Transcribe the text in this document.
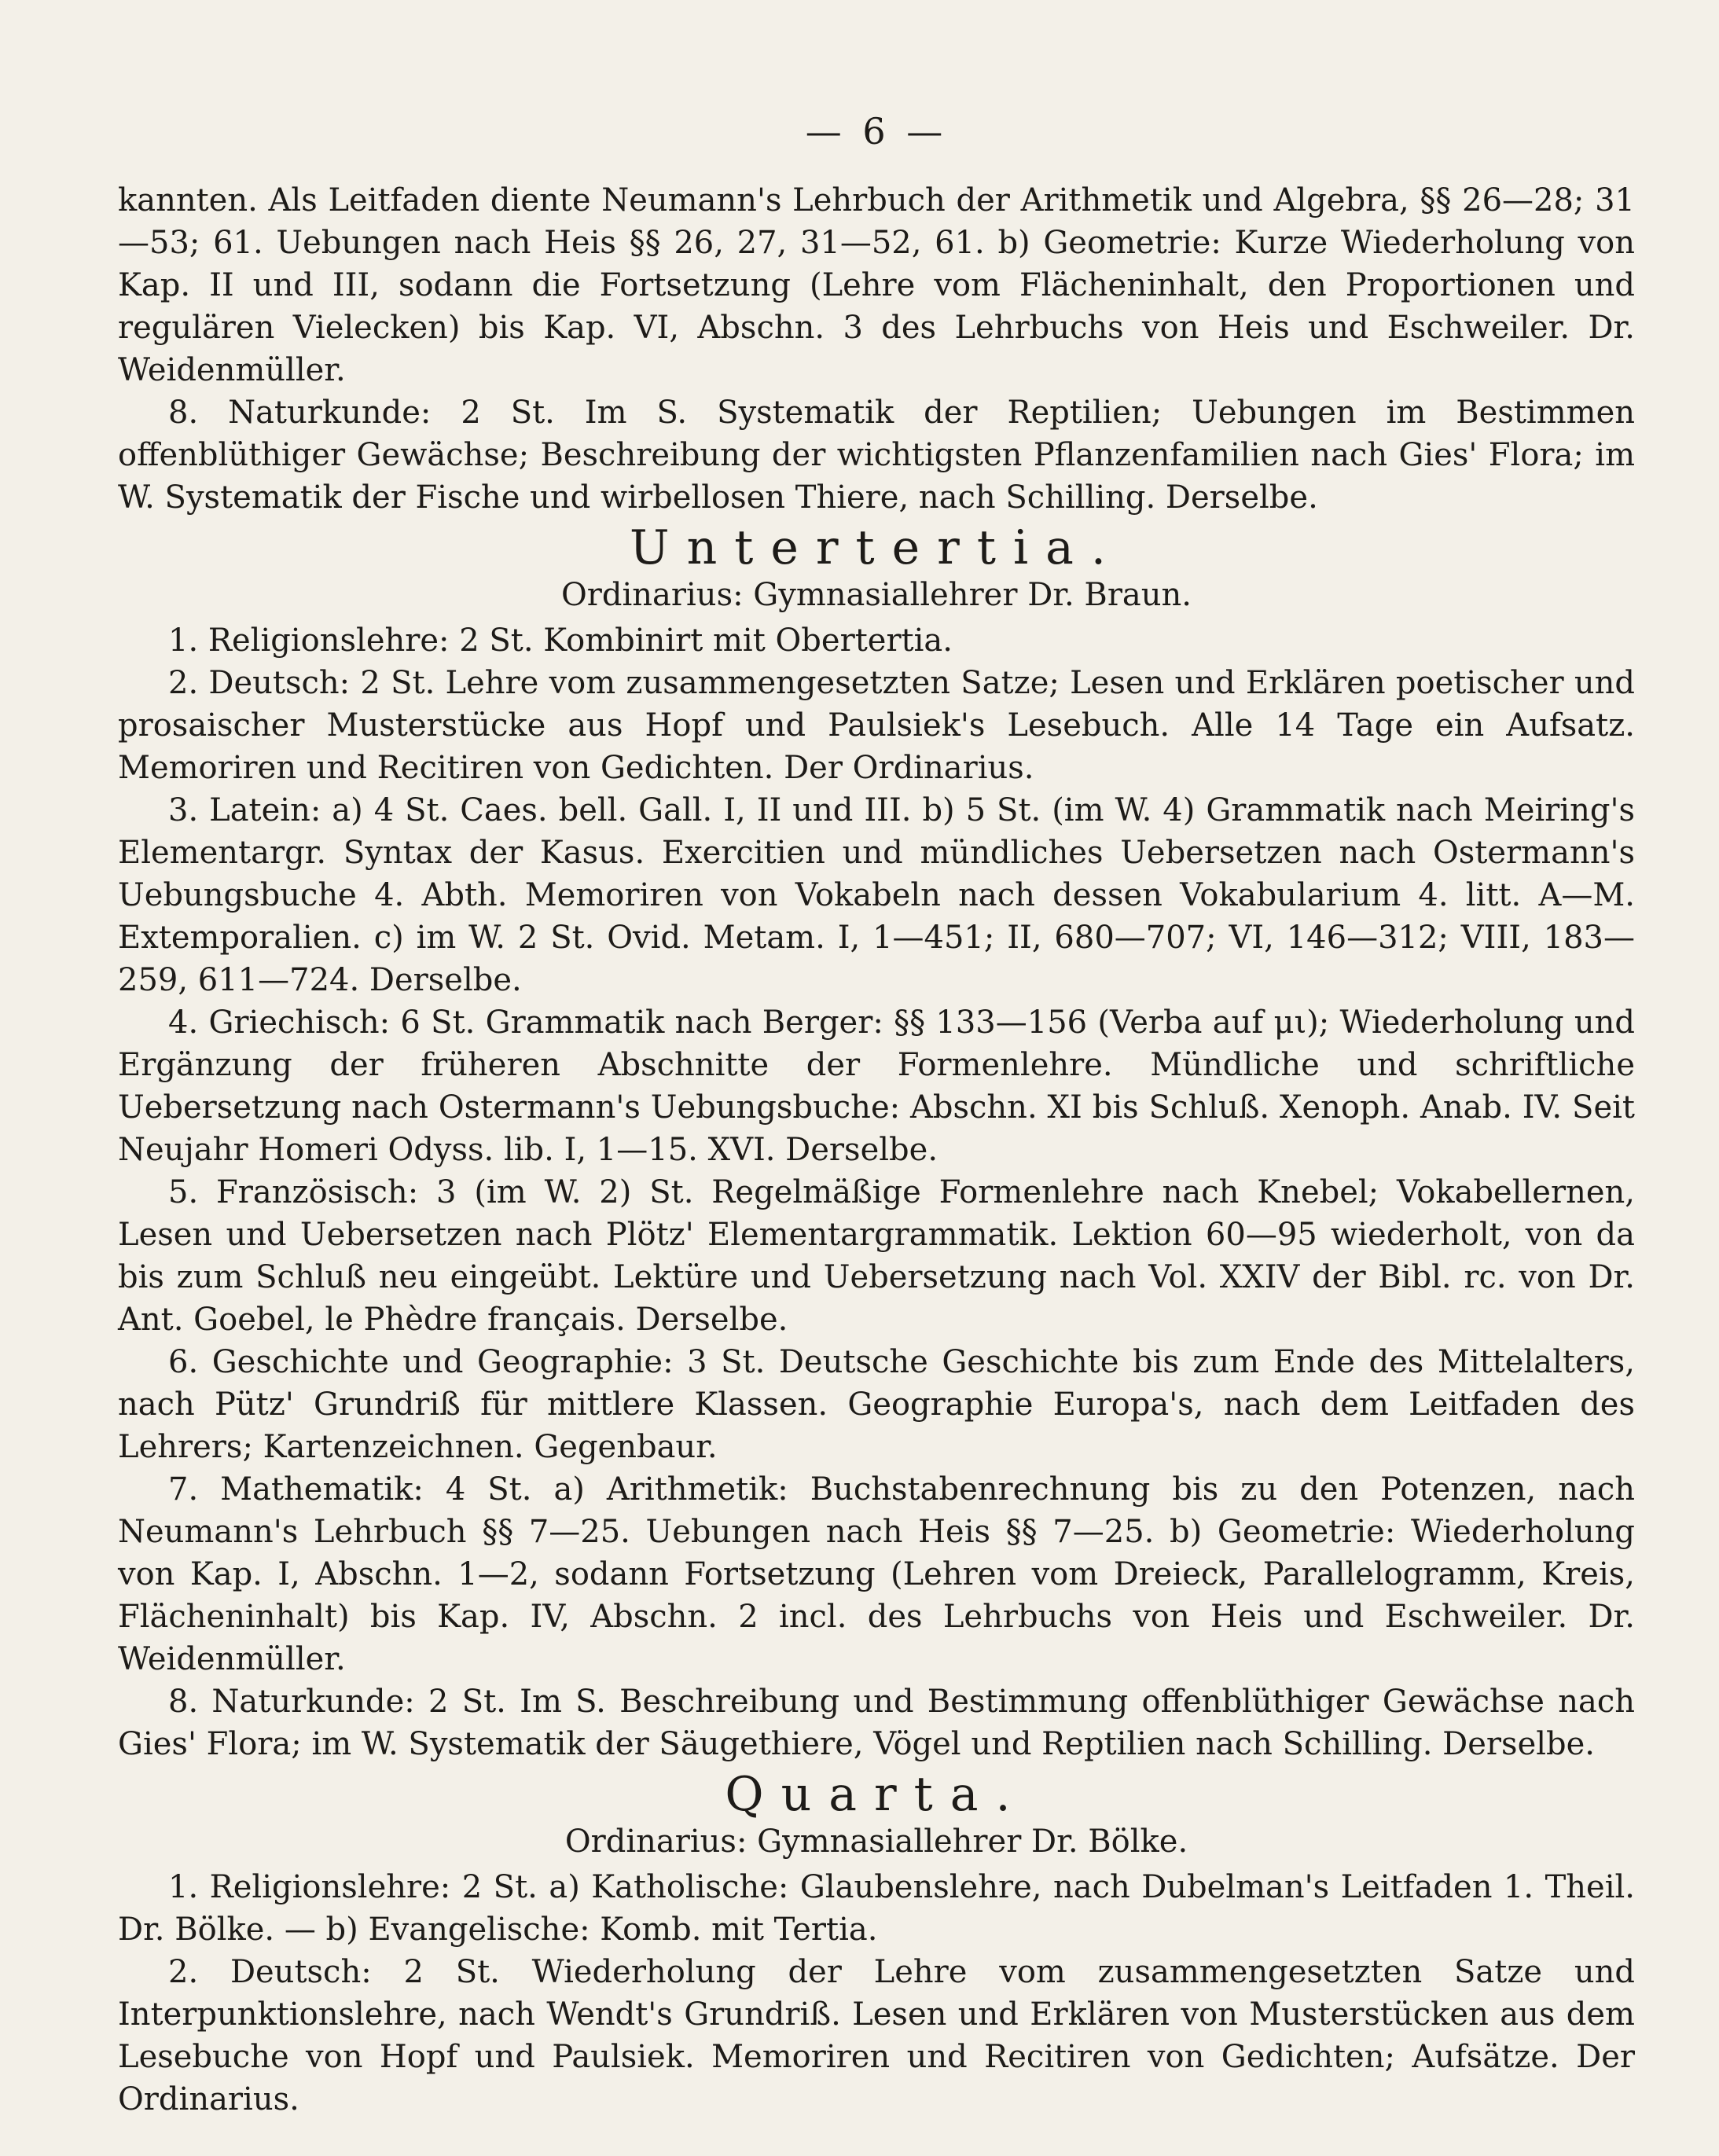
— 6 —

kannten. Als Leitfaden diente Neumann's Lehrbuch der Arithmetik und Algebra, §§ 26—28; 31—53; 61. Uebungen nach Heis §§ 26, 27, 31—52, 61. b) Geometrie: Kurze Wiederholung von Kap. II und III, sodann die Fortsetzung (Lehre vom Flächeninhalt, den Proportionen und regulären Vielecken) bis Kap. VI, Abschn. 3 des Lehrbuchs von Heis und Eschweiler. Dr. Weidenmüller.

8. Naturkunde: 2 St. Im S. Systematik der Reptilien; Uebungen im Bestimmen offenblüthiger Gewächse; Beschreibung der wichtigsten Pflanzenfamilien nach Gies' Flora; im W. Systematik der Fische und wirbellosen Thiere, nach Schilling. Derselbe.

Untertertia.
Ordinarius: Gymnasiallehrer Dr. Braun.

1. Religionslehre: 2 St. Kombinirt mit Obertertia.

2. Deutsch: 2 St. Lehre vom zusammengesetzten Satze; Lesen und Erklären poetischer und prosaischer Musterstücke aus Hopf und Paulsiek's Lesebuch. Alle 14 Tage ein Aufsatz. Memoriren und Recitiren von Gedichten. Der Ordinarius.

3. Latein: a) 4 St. Caes. bell. Gall. I, II und III. b) 5 St. (im W. 4) Grammatik nach Meiring's Elementargr. Syntax der Kasus. Exercitien und mündliches Uebersetzen nach Ostermann's Uebungsbuche 4. Abth. Memoriren von Vokabeln nach dessen Vokabularium 4. litt. A—M. Extemporalien. c) im W. 2 St. Ovid. Metam. I, 1—451; II, 680—707; VI, 146—312; VIII, 183—259, 611—724. Derselbe.

4. Griechisch: 6 St. Grammatik nach Berger: §§ 133—156 (Verba auf μι); Wiederholung und Ergänzung der früheren Abschnitte der Formenlehre. Mündliche und schriftliche Uebersetzung nach Ostermann's Uebungsbuche: Abschn. XI bis Schluß. Xenoph. Anab. IV. Seit Neujahr Homeri Odyss. lib. I, 1—15. XVI. Derselbe.

5. Französisch: 3 (im W. 2) St. Regelmäßige Formenlehre nach Knebel; Vokabellernen, Lesen und Uebersetzen nach Plötz' Elementargrammatik. Lektion 60—95 wiederholt, von da bis zum Schluß neu eingeübt. Lektüre und Uebersetzung nach Vol. XXIV der Bibl. rc. von Dr. Ant. Goebel, le Phèdre français. Derselbe.

6. Geschichte und Geographie: 3 St. Deutsche Geschichte bis zum Ende des Mittelalters, nach Pütz' Grundriß für mittlere Klassen. Geographie Europa's, nach dem Leitfaden des Lehrers; Kartenzeichnen. Gegenbaur.

7. Mathematik: 4 St. a) Arithmetik: Buchstabenrechnung bis zu den Potenzen, nach Neumann's Lehrbuch §§ 7—25. Uebungen nach Heis §§ 7—25. b) Geometrie: Wiederholung von Kap. I, Abschn. 1—2, sodann Fortsetzung (Lehren vom Dreieck, Parallelogramm, Kreis, Flächeninhalt) bis Kap. IV, Abschn. 2 incl. des Lehrbuchs von Heis und Eschweiler. Dr. Weidenmüller.

8. Naturkunde: 2 St. Im S. Beschreibung und Bestimmung offenblüthiger Gewächse nach Gies' Flora; im W. Systematik der Säugethiere, Vögel und Reptilien nach Schilling. Derselbe.

Quarta.
Ordinarius: Gymnasiallehrer Dr. Bölke.

1. Religionslehre: 2 St. a) Katholische: Glaubenslehre, nach Dubelman's Leitfaden 1. Theil. Dr. Bölke. — b) Evangelische: Komb. mit Tertia.

2. Deutsch: 2 St. Wiederholung der Lehre vom zusammengesetzten Satze und Interpunktionslehre, nach Wendt's Grundriß. Lesen und Erklären von Musterstücken aus dem Lesebuche von Hopf und Paulsiek. Memoriren und Recitiren von Gedichten; Aufsätze. Der Ordinarius.
